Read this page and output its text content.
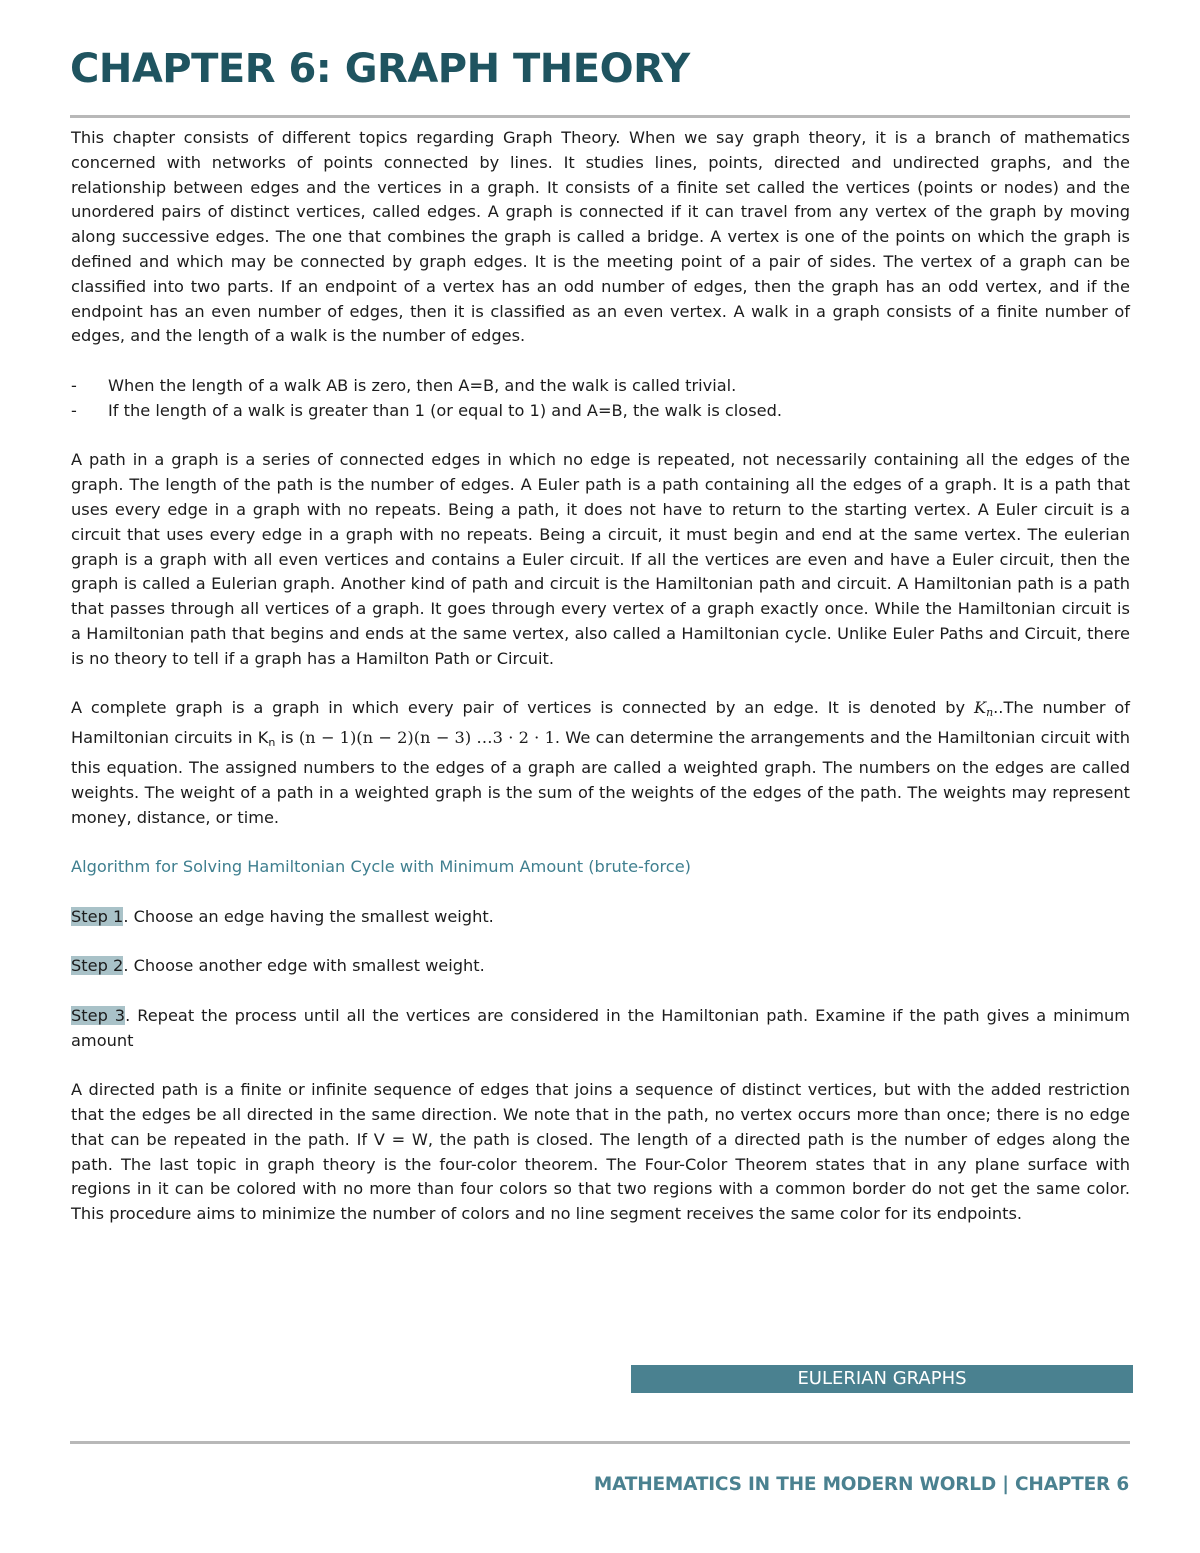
CHAPTER 6: GRAPH THEORY

This chapter consists of different topics regarding Graph Theory. When we say graph theory, it is a branch of mathematics concerned with networks of points connected by lines. It studies lines, points, directed and undirected graphs, and the relationship between edges and the vertices in a graph. It consists of a finite set called the vertices (points or nodes) and the unordered pairs of distinct vertices, called edges. A graph is connected if it can travel from any vertex of the graph by moving along successive edges. The one that combines the graph is called a bridge. A vertex is one of the points on which the graph is defined and which may be connected by graph edges. It is the meeting point of a pair of sides. The vertex of a graph can be classified into two parts. If an endpoint of a vertex has an odd number of edges, then the graph has an odd vertex, and if the endpoint has an even number of edges, then it is classified as an even vertex. A walk in a graph consists of a finite number of edges, and the length of a walk is the number of edges.

- When the length of a walk AB is zero, then A=B, and the walk is called trivial.
- If the length of a walk is greater than 1 (or equal to 1) and A=B, the walk is closed.

A path in a graph is a series of connected edges in which no edge is repeated, not necessarily containing all the edges of the graph. The length of the path is the number of edges. A Euler path is a path containing all the edges of a graph. It is a path that uses every edge in a graph with no repeats. Being a path, it does not have to return to the starting vertex. A Euler circuit is a circuit that uses every edge in a graph with no repeats. Being a circuit, it must begin and end at the same vertex. The eulerian graph is a graph with all even vertices and contains a Euler circuit. If all the vertices are even and have a Euler circuit, then the graph is called a Eulerian graph. Another kind of path and circuit is the Hamiltonian path and circuit. A Hamiltonian path is a path that passes through all vertices of a graph. It goes through every vertex of a graph exactly once. While the Hamiltonian circuit is a Hamiltonian path that begins and ends at the same vertex, also called a Hamiltonian cycle. Unlike Euler Paths and Circuit, there is no theory to tell if a graph has a Hamilton Path or Circuit.

A complete graph is a graph in which every pair of vertices is connected by an edge. It is denoted by $K_n..The$ number of Hamiltonian circuits in $K_n$ is (n − 1)(n − 2)(n − 3) …3 · 2 · 1. We can determine the arrangements and the Hamiltonian circuit with this equation. The assigned numbers to the edges of a graph are called a weighted graph. The numbers on the edges are called weights. The weight of a path in a weighted graph is the sum of the weights of the edges of the path. The weights may represent money, distance, or time.

Algorithm for Solving Hamiltonian Cycle with Minimum Amount (brute-force)

Step 1. Choose an edge having the smallest weight.

Step 2. Choose another edge with smallest weight.

Step 3. Repeat the process until all the vertices are considered in the Hamiltonian path. Examine if the path gives a minimum amount

A directed path is a finite or infinite sequence of edges that joins a sequence of distinct vertices, but with the added restriction that the edges be all directed in the same direction. We note that in the path, no vertex occurs more than once; there is no edge that can be repeated in the path. If V = W, the path is closed. The length of a directed path is the number of edges along the path. The last topic in graph theory is the four-color theorem. The Four-Color Theorem states that in any plane surface with regions in it can be colored with no more than four colors so that two regions with a common border do not get the same color. This procedure aims to minimize the number of colors and no line segment receives the same color for its endpoints.

EULERIAN GRAPHS
MATHEMATICS IN THE MODERN WORLD | CHAPTER 6
